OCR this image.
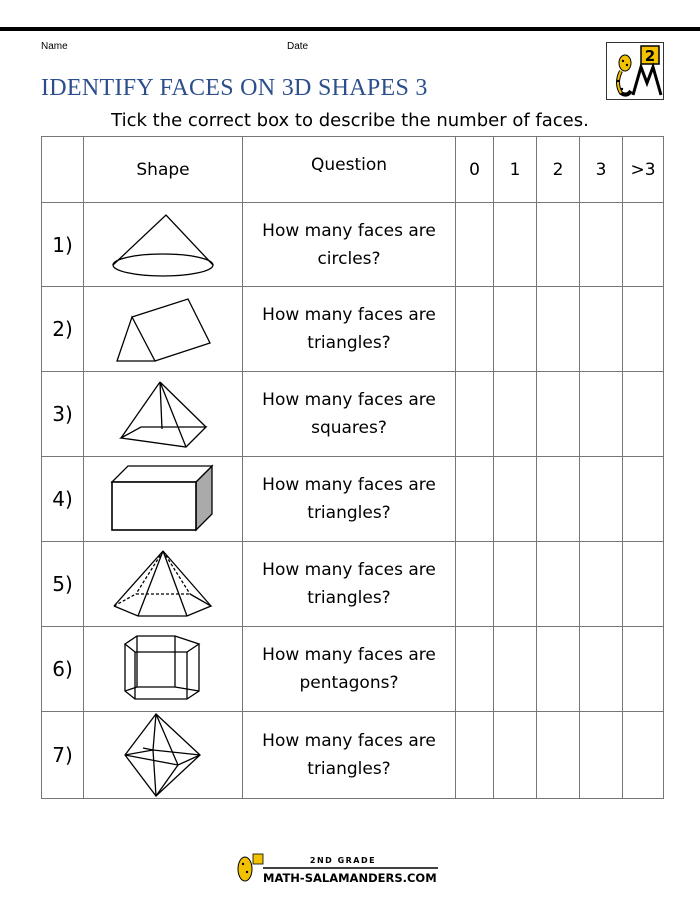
Name	Date
2
IDENTIFY FACES ON 3D SHAPES 3
Tick the correct box to describe the number of faces.
	Shape	Question	0	1	2	3	>3
1)		How many faces are
circles?					

2)		How many faces are
triangles?					

3)		How many faces are
squares?					

4)		How many faces are
triangles?					

5)		How many faces are
triangles?					

6)		How many faces are
pentagons?					

7)		How many faces are
triangles?					

2ND GRADE
MATH-SALAMANDERS.COM
